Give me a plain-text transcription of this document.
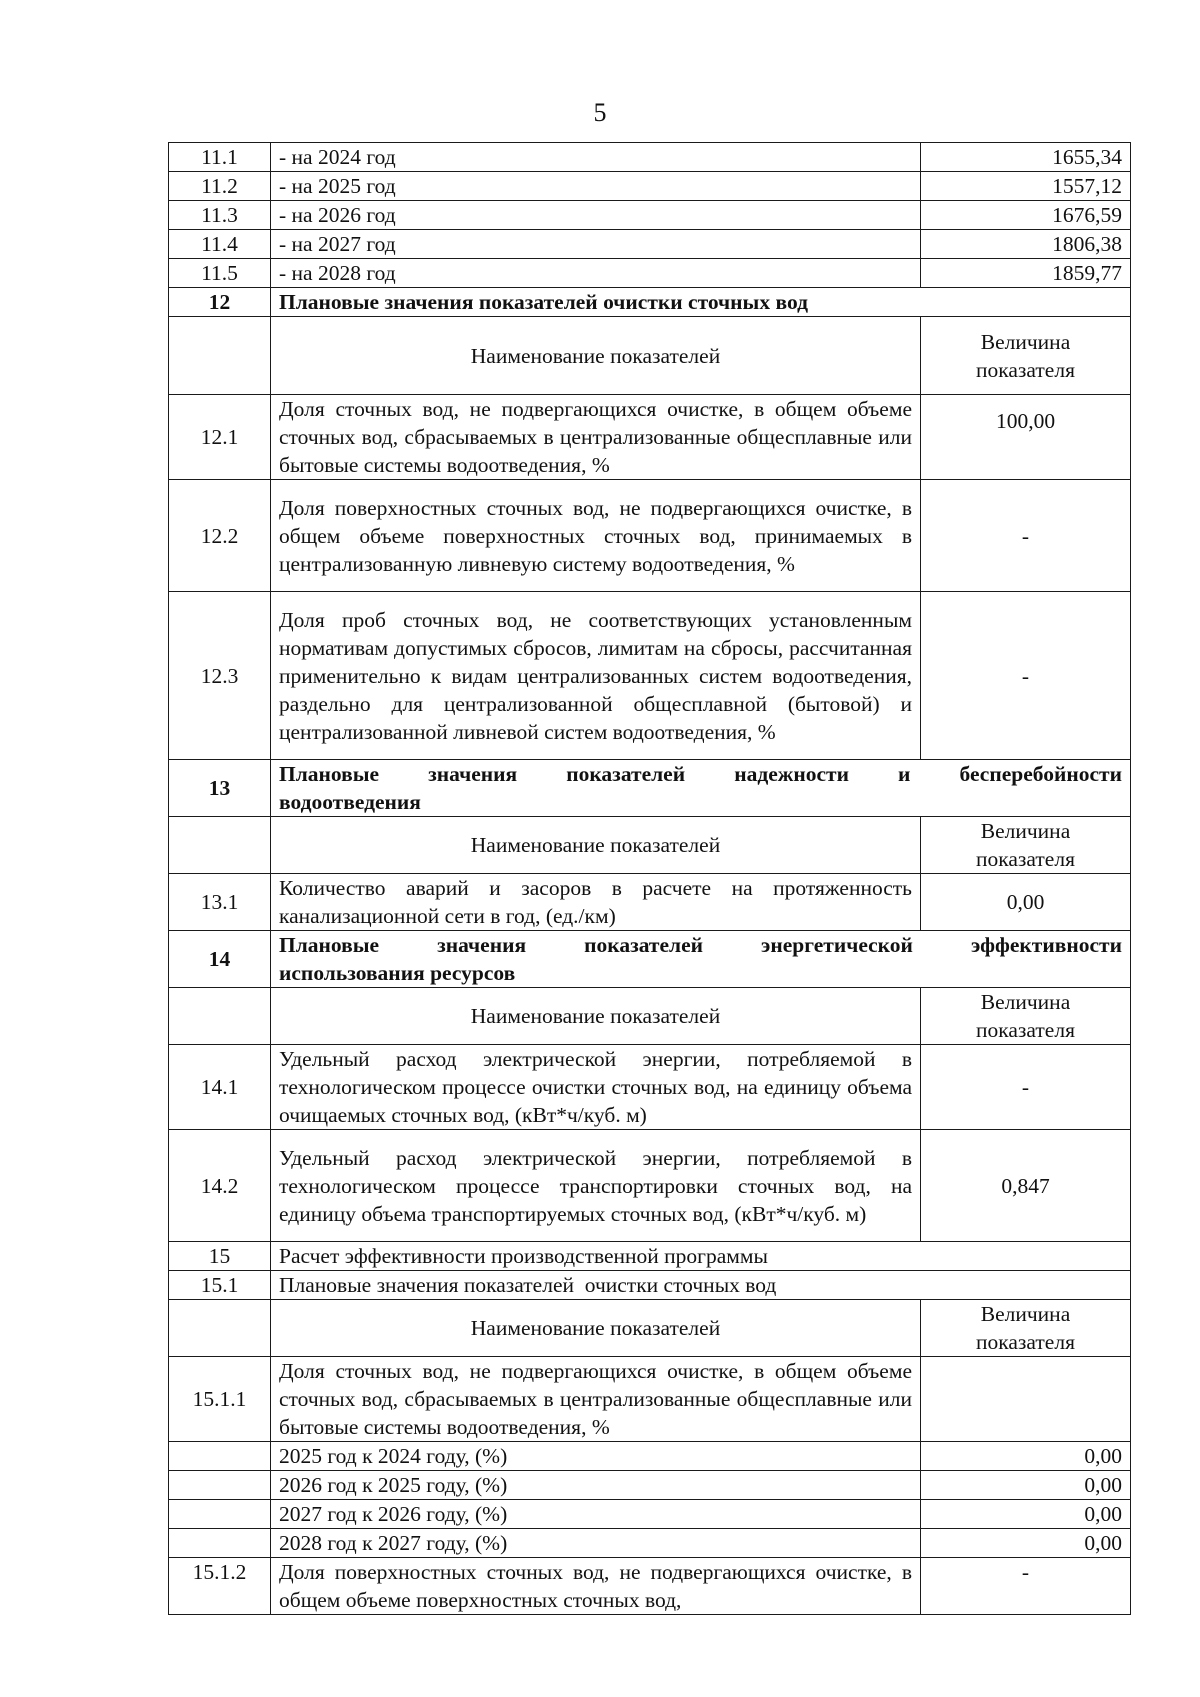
5
11.1	- на 2024 год	1655,34
11.2	- на 2025 год	1557,12
11.3	- на 2026 год	1676,59
11.4	- на 2027 год	1806,38
11.5	- на 2028 год	1859,77
12	Плановые значения показателей очистки сточных вод	
	Наименование показателей	Величина
показателя

12.1	Доля сточных вод, не подвергающихся очистке, в общем объеме сточных вод, сбрасываемых в централизованные общесплавные или бытовые системы водоотведения, %	100,00
12.2	Доля поверхностных сточных вод, не подвергающихся очистке, в общем объеме поверхностных сточных вод, принимаемых в централизованную ливневую систему водоотведения, %	-
12.3	Доля проб сточных вод, не соответствующих установленным нормативам допустимых сбросов, лимитам на сбросы, рассчитанная применительно к видам централизованных систем водоотведения, раздельно для централизованной общесплавной (бытовой) и централизованной ливневой систем водоотведения, %	-
13	Плановые значения показателей надежности и бесперебойности
водоотведения	

	Наименование показателей	Величина
показателя

13.1	Количество аварий и засоров в расчете на протяженность канализационной сети в год, (ед./км)	0,00
14	Плановые значения показателей энергетической эффективности
использования ресурсов	

	Наименование показателей	Величина
показателя

14.1	Удельный расход электрической энергии, потребляемой в технологическом процессе очистки сточных вод, на единицу объема очищаемых сточных вод, (кВт*ч/куб. м)	-
14.2	Удельный расход электрической энергии, потребляемой в технологическом процессе транспортировки сточных вод, на единицу объема транспортируемых сточных вод, (кВт*ч/куб. м)	0,847
15	Расчет эффективности производственной программы	
15.1	Плановые значения показателей  очистки сточных вод	
	Наименование показателей	Величина
показателя

15.1.1	Доля сточных вод, не подвергающихся очистке, в общем объеме сточных вод, сбрасываемых в централизованные общесплавные или бытовые системы водоотведения, %	
	2025 год к 2024 году, (%)	0,00
	2026 год к 2025 году, (%)	0,00
	2027 год к 2026 году, (%)	0,00
	2028 год к 2027 году, (%)	0,00
15.1.2	Доля поверхностных сточных вод, не подвергающихся очистке, в общем объеме поверхностных сточных вод,	-
